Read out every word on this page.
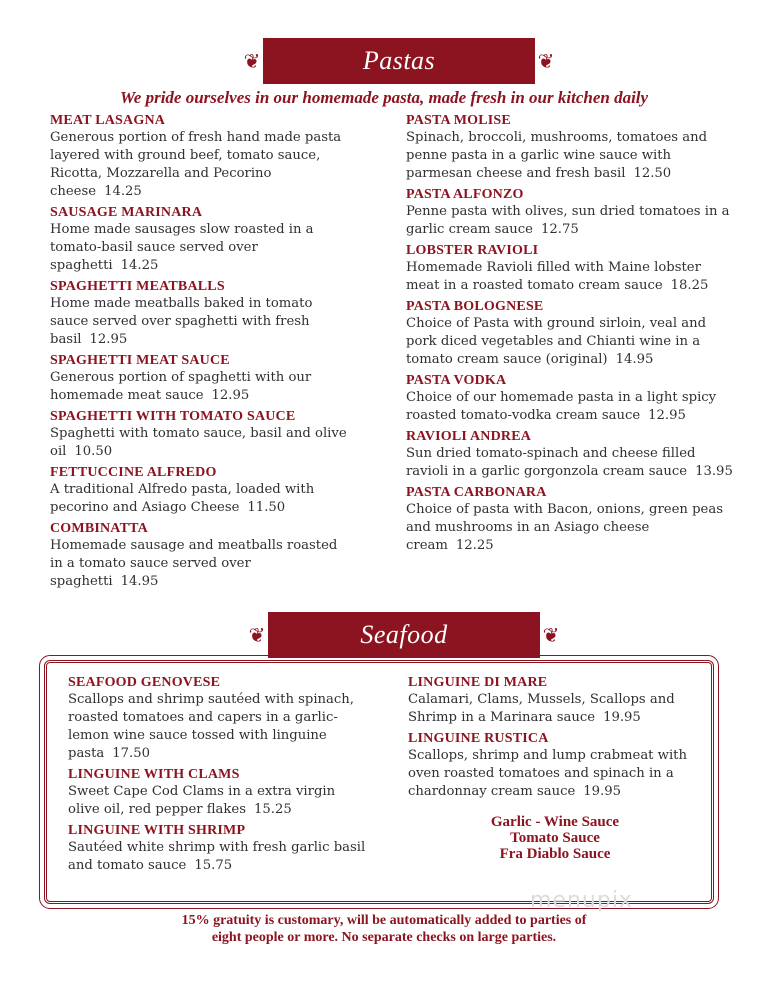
❦	Pastas	❦
We pride ourselves in our homemade pasta, made fresh in our kitchen daily
MEAT LASAGNA
Generous portion of fresh hand made pasta layered with ground beef, tomato sauce, Ricotta, Mozzarella and Pecorino cheese 14.25
SAUSAGE MARINARA
Home made sausages slow roasted in a tomato-basil sauce served over spaghetti 14.25
SPAGHETTI MEATBALLS
Home made meatballs baked in tomato sauce served over spaghetti with fresh basil 12.95
SPAGHETTI MEAT SAUCE
Generous portion of spaghetti with our homemade meat sauce 12.95
SPAGHETTI WITH TOMATO SAUCE
Spaghetti with tomato sauce, basil and olive oil 10.50
FETTUCCINE ALFREDO
A traditional Alfredo pasta, loaded with pecorino and Asiago Cheese 11.50
COMBINATTA
Homemade sausage and meatballs roasted in a tomato sauce served over spaghetti 14.95
PASTA MOLISE
Spinach, broccoli, mushrooms, tomatoes and penne pasta in a garlic wine sauce with parmesan cheese and fresh basil 12.50
PASTA ALFONZO
Penne pasta with olives, sun dried tomatoes in a garlic cream sauce 12.75
LOBSTER RAVIOLI
Homemade Ravioli filled with Maine lobster meat in a roasted tomato cream sauce 18.25
PASTA BOLOGNESE
Choice of Pasta with ground sirloin, veal and pork diced vegetables and Chianti wine in a tomato cream sauce (original) 14.95
PASTA VODKA
Choice of our homemade pasta in a light spicy roasted tomato-vodka cream sauce 12.95
RAVIOLI ANDREA
Sun dried tomato-spinach and cheese filled ravioli in a garlic gorgonzola cream sauce 13.95
PASTA CARBONARA
Choice of pasta with Bacon, onions, green peas and mushrooms in an Asiago cheese cream 12.25
❦	Seafood	❦
SEAFOOD GENOVESE
Scallops and shrimp sautéed with spinach, roasted tomatoes and capers in a garlic-lemon wine sauce tossed with linguine pasta 17.50
LINGUINE WITH CLAMS
Sweet Cape Cod Clams in a extra virgin olive oil, red pepper flakes 15.25
LINGUINE WITH SHRIMP
Sautéed white shrimp with fresh garlic basil and tomato sauce 15.75
LINGUINE DI MARE
Calamari, Clams, Mussels, Scallops and Shrimp in a Marinara sauce 19.95
LINGUINE RUSTICA
Scallops, shrimp and lump crabmeat with oven roasted tomatoes and spinach in a chardonnay cream sauce 19.95
Garlic - Wine Sauce
Tomato Sauce
Fra Diablo Sauce
menupix
15% gratuity is customary, will be automatically added to parties of
eight people or more. No separate checks on large parties.
